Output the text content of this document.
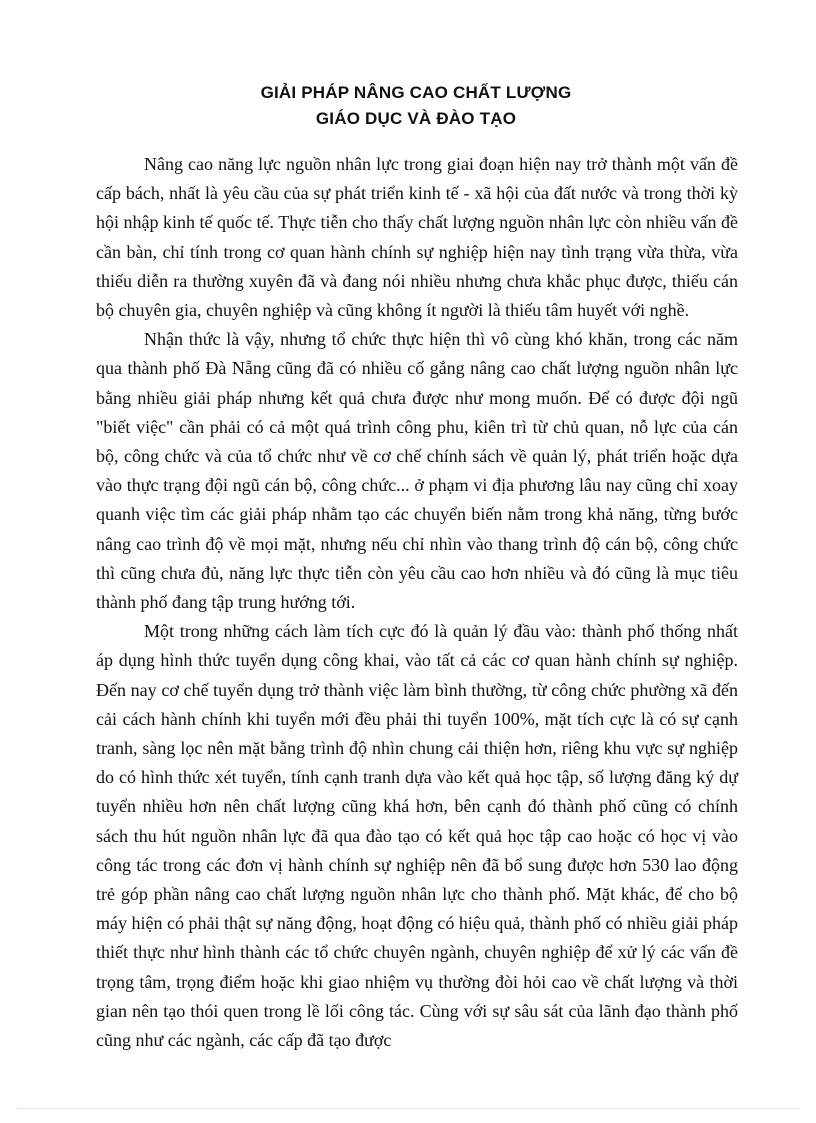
GIẢI PHÁP NÂNG CAO CHẤT LƯỢNG
GIÁO DỤC VÀ ĐÀO TẠO

Nâng cao năng lực nguồn nhân lực trong giai đoạn hiện nay trở thành một vấn đề cấp bách, nhất là yêu cầu của sự phát triển kinh tế - xã hội của đất nước và trong thời kỳ hội nhập kinh tế quốc tế. Thực tiễn cho thấy chất lượng nguồn nhân lực còn nhiều vấn đề cần bàn, chỉ tính trong cơ quan hành chính sự nghiệp hiện nay tình trạng vừa thừa, vừa thiếu diễn ra thường xuyên đã và đang nói nhiều nhưng chưa khắc phục được, thiếu cán bộ chuyên gia, chuyên nghiệp và cũng không ít người là thiếu tâm huyết với nghề.

Nhận thức là vậy, nhưng tổ chức thực hiện thì vô cùng khó khăn, trong các năm qua thành phố Đà Nẵng cũng đã có nhiều cố gắng nâng cao chất lượng nguồn nhân lực bằng nhiều giải pháp nhưng kết quả chưa được như mong muốn. Để có được đội ngũ "biết việc" cần phải có cả một quá trình công phu, kiên trì từ chủ quan, nỗ lực của cán bộ, công chức và của tổ chức như về cơ chế chính sách về quản lý, phát triển hoặc dựa vào thực trạng đội ngũ cán bộ, công chức... ở phạm vi địa phương lâu nay cũng chỉ xoay quanh việc tìm các giải pháp nhằm tạo các chuyển biến nằm trong khả năng, từng bước nâng cao trình độ về mọi mặt, nhưng nếu chỉ nhìn vào thang trình độ cán bộ, công chức thì cũng chưa đủ, năng lực thực tiễn còn yêu cầu cao hơn nhiều và đó cũng là mục tiêu thành phố đang tập trung hướng tới.

Một trong những cách làm tích cực đó là quản lý đầu vào: thành phố thống nhất áp dụng hình thức tuyển dụng công khai, vào tất cả các cơ quan hành chính sự nghiệp. Đến nay cơ chế tuyển dụng trở thành việc làm bình thường, từ công chức phường xã đến cải cách hành chính khi tuyển mới đều phải thi tuyển 100%, mặt tích cực là có sự cạnh tranh, sàng lọc nên mặt bằng trình độ nhìn chung cải thiện hơn, riêng khu vực sự nghiệp do có hình thức xét tuyển, tính cạnh tranh dựa vào kết quả học tập, số lượng đăng ký dự tuyển nhiều hơn nên chất lượng cũng khá hơn, bên cạnh đó thành phố cũng có chính sách thu hút nguồn nhân lực đã qua đào tạo có kết quả học tập cao hoặc có học vị vào công tác trong các đơn vị hành chính sự nghiệp nên đã bổ sung được hơn 530 lao động trẻ góp phần nâng cao chất lượng nguồn nhân lực cho thành phố. Mặt khác, để cho bộ máy hiện có phải thật sự năng động, hoạt động có hiệu quả, thành phố có nhiều giải pháp thiết thực như hình thành các tổ chức chuyên ngành, chuyên nghiệp để xử lý các vấn đề trọng tâm, trọng điểm hoặc khi giao nhiệm vụ thường đòi hỏi cao về chất lượng và thời gian nên tạo thói quen trong lề lối công tác. Cùng với sự sâu sát của lãnh đạo thành phố cũng như các ngành, các cấp đã tạo được
